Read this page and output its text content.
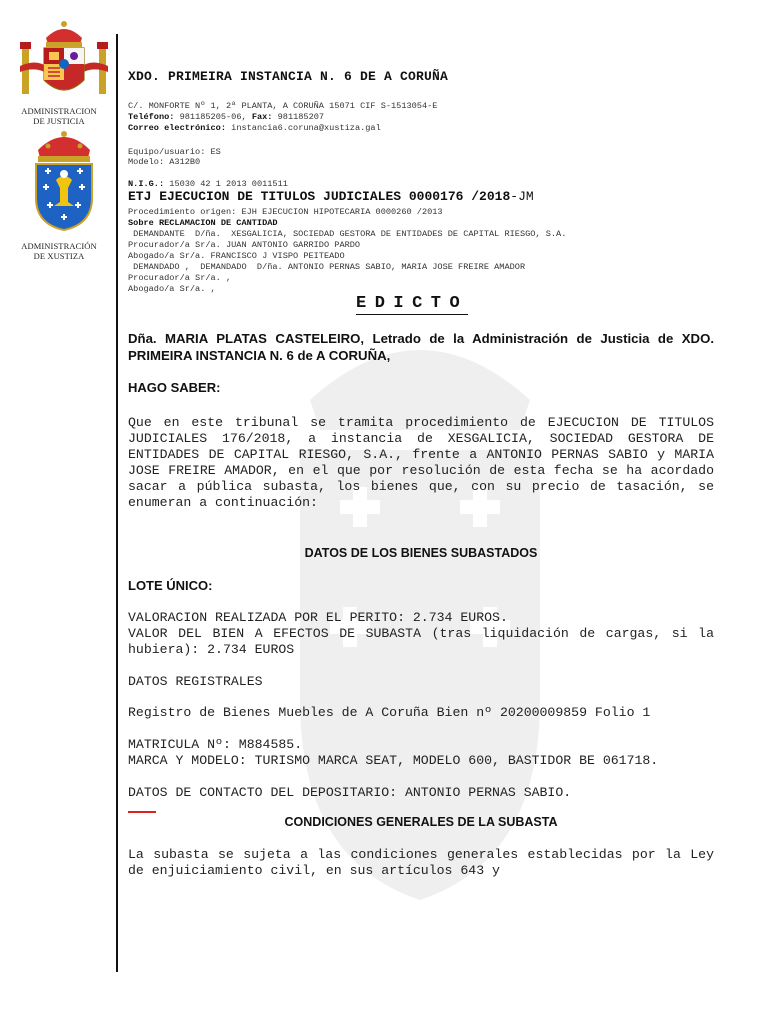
ADMINISTRACION
DE JUSTICIA
ADMINISTRACIÓN
DE XUSTIZA
XDO. PRIMEIRA INSTANCIA N. 6 DE A CORUÑA
C/. MONFORTE Nº 1, 2ª PLANTA, A CORUÑA 15071 CIF S-1513054-E
Teléfono: 981185205-06, Fax: 981185207
Correo electrónico: instancia6.coruna@xustiza.gal
Equipo/usuario: ES
Modelo: A312B0
N.I.G.: 15030 42 1 2013 0011511
ETJ EJECUCION DE TITULOS JUDICIALES 0000176 /2018-JM
Procedimiento origen: EJH EJECUCION HIPOTECARIA 0000260 /2013
Sobre RECLAMACION DE CANTIDAD
DEMANDANTE  D/ña.  XESGALICIA, SOCIEDAD GESTORA DE ENTIDADES DE CAPITAL RIESGO, S.A.
Procurador/a Sr/a. JUAN ANTONIO GARRIDO PARDO
Abogado/a Sr/a. FRANCISCO J VISPO PEITEADO
DEMANDADO ,  DEMANDADO  D/ña. ANTONIO PERNAS SABIO, MARIA JOSE FREIRE AMADOR
Procurador/a Sr/a. ,
Abogado/a Sr/a. ,
EDICTO
Dña. MARIA PLATAS CASTELEIRO, Letrado de la Administración de Justicia de XDO. PRIMEIRA INSTANCIA N. 6 de A CORUÑA,
HAGO SABER:
Que en este tribunal se tramita procedimiento de EJECUCION DE TITULOS JUDICIALES 176/2018, a instancia de XESGALICIA, SOCIEDAD GESTORA DE ENTIDADES DE CAPITAL RIESGO, S.A., frente a ANTONIO PERNAS SABIO y MARIA JOSE FREIRE AMADOR, en el que por resolución de esta fecha se ha acordado sacar a pública subasta, los bienes que, con su precio de tasación, se enumeran a continuación:
DATOS DE LOS BIENES SUBASTADOS
LOTE ÚNICO:
VALORACION REALIZADA POR EL PERITO: 2.734 EUROS.
VALOR DEL BIEN A EFECTOS DE SUBASTA (tras liquidación de cargas, si la hubiera): 2.734 EUROS
DATOS REGISTRALES
Registro de Bienes Muebles de A Coruña Bien nº 20200009859 Folio 1
MATRICULA Nº: M884585.
MARCA Y MODELO: TURISMO MARCA SEAT, MODELO 600, BASTIDOR BE 061718.
DATOS DE CONTACTO DEL DEPOSITARIO: ANTONIO PERNAS SABIO.
CONDICIONES GENERALES DE LA SUBASTA
La subasta se sujeta a las condiciones generales establecidas por la Ley de enjuiciamiento civil, en sus artículos 643 y
